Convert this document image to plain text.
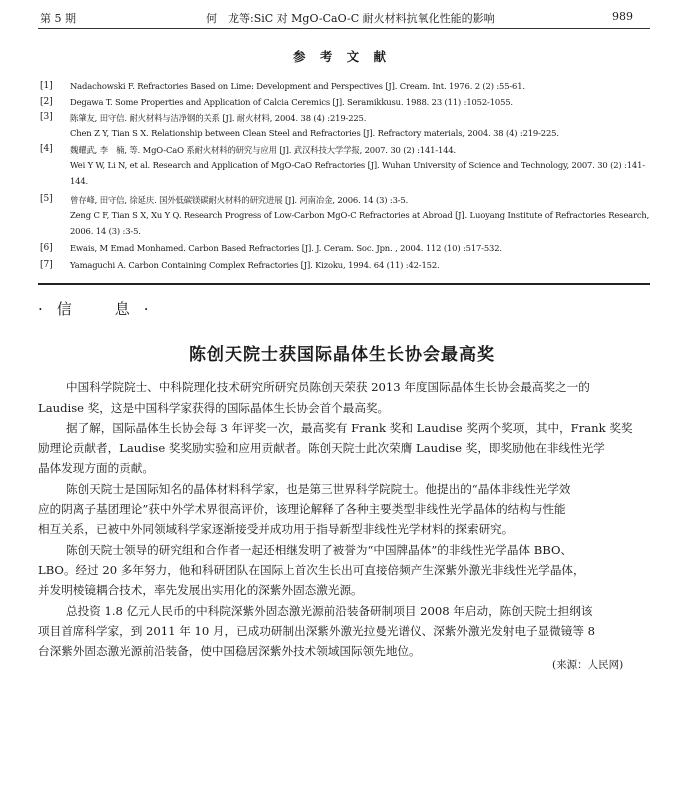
第 5 期	何　龙等:SiC 对 MgO-CaO-C 耐火材料抗氧化性能的影响	989
参 考 文 献
[1] Nadachowski F. Refractories Based on Lime: Development and Perspectives [J]. Cream. Int. 1976. 2 (2) :55-61.
[2] Degawa T. Some Properties and Application of Calcia Ceremics [J]. Seramikkusu. 1988. 23 (11) :1052-1055.
[3] 陈肇友, 田守信. 耐火材料与洁净钢的关系 [J]. 耐火材料, 2004. 38 (4) :219-225.
Chen Z Y, Tian S X. Relationship between Clean Steel and Refractories [J]. Refractory materials, 2004. 38 (4) :219-225.
[4] 魏耀武, 李　楠, 等. MgO-CaO 系耐火材料的研究与应用 [J]. 武汉科技大学学报, 2007. 30 (2) :141-144.
Wei Y W, Li N, et al. Research and Application of MgO-CaO Refractories [J]. Wuhan University of Science and Technology, 2007. 30 (2) :141-
144.
[5] 曾存峰, 田守信, 徐延庆. 国外低碳镁碳耐火材料的研究进展 [J]. 河南冶金, 2006. 14 (3) :3-5.
Zeng C F, Tian S X, Xu Y Q. Research Progress of Low-Carbon MgO-C Refractories at Abroad [J]. Luoyang Institute of Refractories Research,
2006. 14 (3) :3-5.
[6] Ewais, M Emad Monhamed. Carbon Based Refractories [J]. J. Ceram. Soc. Jpn. , 2004. 112 (10) :517-532.
[7] Yamaguchi A. Carbon Containing Complex Refractories [J]. Kizoku, 1994. 64 (11) :42-152.
·信　息·
陈创天院士获国际晶体生长协会最高奖
中国科学院院士、中科院理化技术研究所研究员陈创天荣获 2013 年度国际晶体生长协会最高奖之一的
Laudise 奖，这是中国科学家获得的国际晶体生长协会首个最高奖。
据了解，国际晶体生长协会每 3 年评奖一次，最高奖有 Frank 奖和 Laudise 奖两个奖项，其中，Frank 奖奖
励理论贡献者，Laudise 奖奖励实验和应用贡献者。陈创天院士此次荣膺 Laudise 奖，即奖励他在非线性光学
晶体发现方面的贡献。
陈创天院士是国际知名的晶体材料科学家，也是第三世界科学院院士。他提出的“晶体非线性光学效
应的阴离子基团理论”获中外学术界很高评价，该理论解释了各种主要类型非线性光学晶体的结构与性能
相互关系，已被中外同领域科学家逐渐接受并成功用于指导新型非线性光学材料的探索研究。
陈创天院士领导的研究组和合作者一起还相继发明了被誉为“中国牌晶体”的非线性光学晶体 BBO、
LBO。经过 20 多年努力，他和科研团队在国际上首次生长出可直接倍频产生深紫外激光非线性光学晶体，
并发明棱镜耦合技术，率先发展出实用化的深紫外固态激光源。
总投资 1.8 亿元人民币的中科院深紫外固态激光源前沿装备研制项目 2008 年启动，陈创天院士担纲该
项目首席科学家，到 2011 年 10 月，已成功研制出深紫外激光拉曼光谱仪、深紫外激光发射电子显微镜等 8
台深紫外固态激光源前沿装备，使中国稳居深紫外技术领域国际领先地位。
(来源：人民网)
